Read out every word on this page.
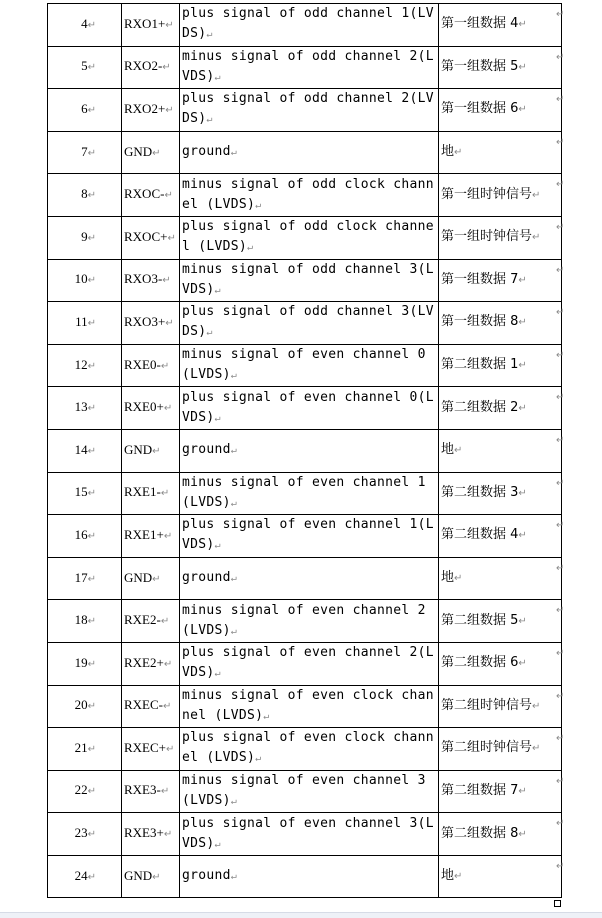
4↵	RXO1+↵	plus signal of odd channel 1(LVDS)↵	第一组数据 4↵
5↵	RXO2-↵	minus signal of odd channel 2(LVDS)↵	第一组数据 5↵
6↵	RXO2+↵	plus signal of odd channel 2(LVDS)↵	第一组数据 6↵
7↵	GND↵	ground↵	地↵
8↵	RXOC-↵	minus signal of odd clock channel (LVDS)↵	第一组时钟信号↵
9↵	RXOC+↵	plus signal of odd clock channel (LVDS)↵	第一组时钟信号↵
10↵	RXO3-↵	minus signal of odd channel 3(LVDS)↵	第一组数据 7↵
11↵	RXO3+↵	plus signal of odd channel 3(LVDS)↵	第一组数据 8↵
12↵	RXE0-↵	minus signal of even channel 0 (LVDS)↵	第二组数据 1↵
13↵	RXE0+↵	plus signal of even channel 0(LVDS)↵	第二组数据 2↵
14↵	GND↵	ground↵	地↵
15↵	RXE1-↵	minus signal of even channel 1 (LVDS)↵	第二组数据 3↵
16↵	RXE1+↵	plus signal of even channel 1(LVDS)↵	第二组数据 4↵
17↵	GND↵	ground↵	地↵
18↵	RXE2-↵	minus signal of even channel 2 (LVDS)↵	第二组数据 5↵
19↵	RXE2+↵	plus signal of even channel 2(LVDS)↵	第二组数据 6↵
20↵	RXEC-↵	minus signal of even clock channel (LVDS)↵	第二组时钟信号↵
21↵	RXEC+↵	plus signal of even clock channel (LVDS)↵	第二组时钟信号↵
22↵	RXE3-↵	minus signal of even channel 3 (LVDS)↵	第二组数据 7↵
23↵	RXE3+↵	plus signal of even channel 3(LVDS)↵	第二组数据 8↵
24↵	GND↵	ground↵	地↵
↵
↵
↵
↵
↵
↵
↵
↵
↵
↵
↵
↵
↵
↵
↵
↵
↵
↵
↵
↵
↵
